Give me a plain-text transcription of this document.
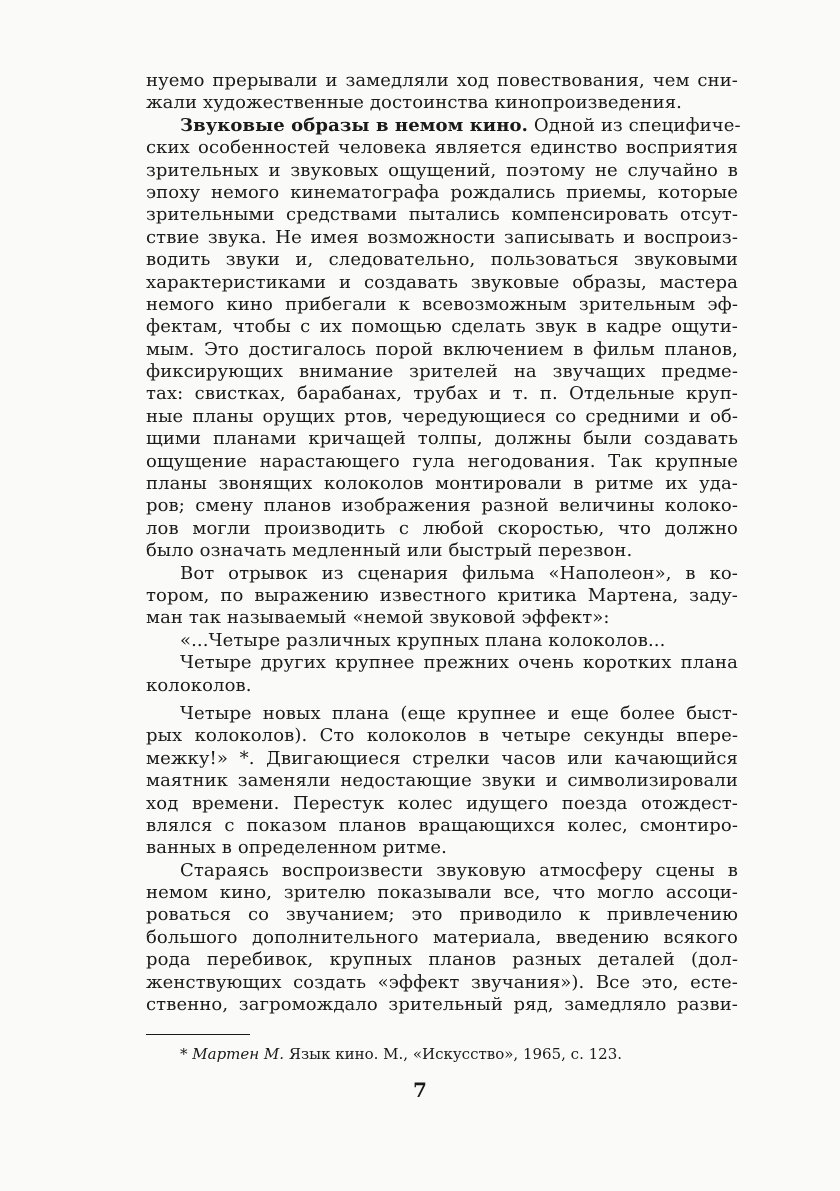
нуемо прерывали и замедляли ход повествования, чем сни-
жали художественные достоинства кинопроизведения.
Звуковые образы в немом кино. Одной из специфиче-
ских особенностей человека является единство восприятия
зрительных и звуковых ощущений, поэтому не случайно в
эпоху немого кинематографа рождались приемы, которые
зрительными средствами пытались компенсировать отсут-
ствие звука. Не имея возможности записывать и воспроиз-
водить звуки и, следовательно, пользоваться звуковыми
характеристиками и создавать звуковые образы, мастера
немого кино прибегали к всевозможным зрительным эф-
фектам, чтобы с их помощью сделать звук в кадре ощути-
мым. Это достигалось порой включением в фильм планов,
фиксирующих внимание зрителей на звучащих предме-
тах: свистках, барабанах, трубах и т. п. Отдельные круп-
ные планы орущих ртов, чередующиеся со средними и об-
щими планами кричащей толпы, должны были создавать
ощущение нарастающего гула негодования. Так крупные
планы звонящих колоколов монтировали в ритме их уда-
ров; смену планов изображения разной величины колоко-
лов могли производить с любой скоростью, что должно
было означать медленный или быстрый перезвон.
Вот отрывок из сценария фильма «Наполеон», в ко-
тором, по выражению известного критика Мартена, заду-
ман так называемый «немой звуковой эффект»:
«...Четыре различных крупных плана колоколов...
Четыре других крупнее прежних очень коротких плана
колоколов.
Четыре новых плана (еще крупнее и еще более быст-
рых колоколов). Сто колоколов в четыре секунды впере-
межку!» *. Двигающиеся стрелки часов или качающийся
маятник заменяли недостающие звуки и символизировали
ход времени. Перестук колес идущего поезда отождест-
влялся с показом планов вращающихся колес, смонтиро-
ванных в определенном ритме.
Стараясь воспроизвести звуковую атмосферу сцены в
немом кино, зрителю показывали все, что могло ассоци-
роваться со звучанием; это приводило к привлечению
большого дополнительного материала, введению всякого
рода перебивок, крупных планов разных деталей (дол-
женствующих создать «эффект звучания»). Все это, есте-
ственно, загромождало зрительный ряд, замедляло разви-
* Мартен М. Язык кино. М., «Искусство», 1965, с. 123.
7
